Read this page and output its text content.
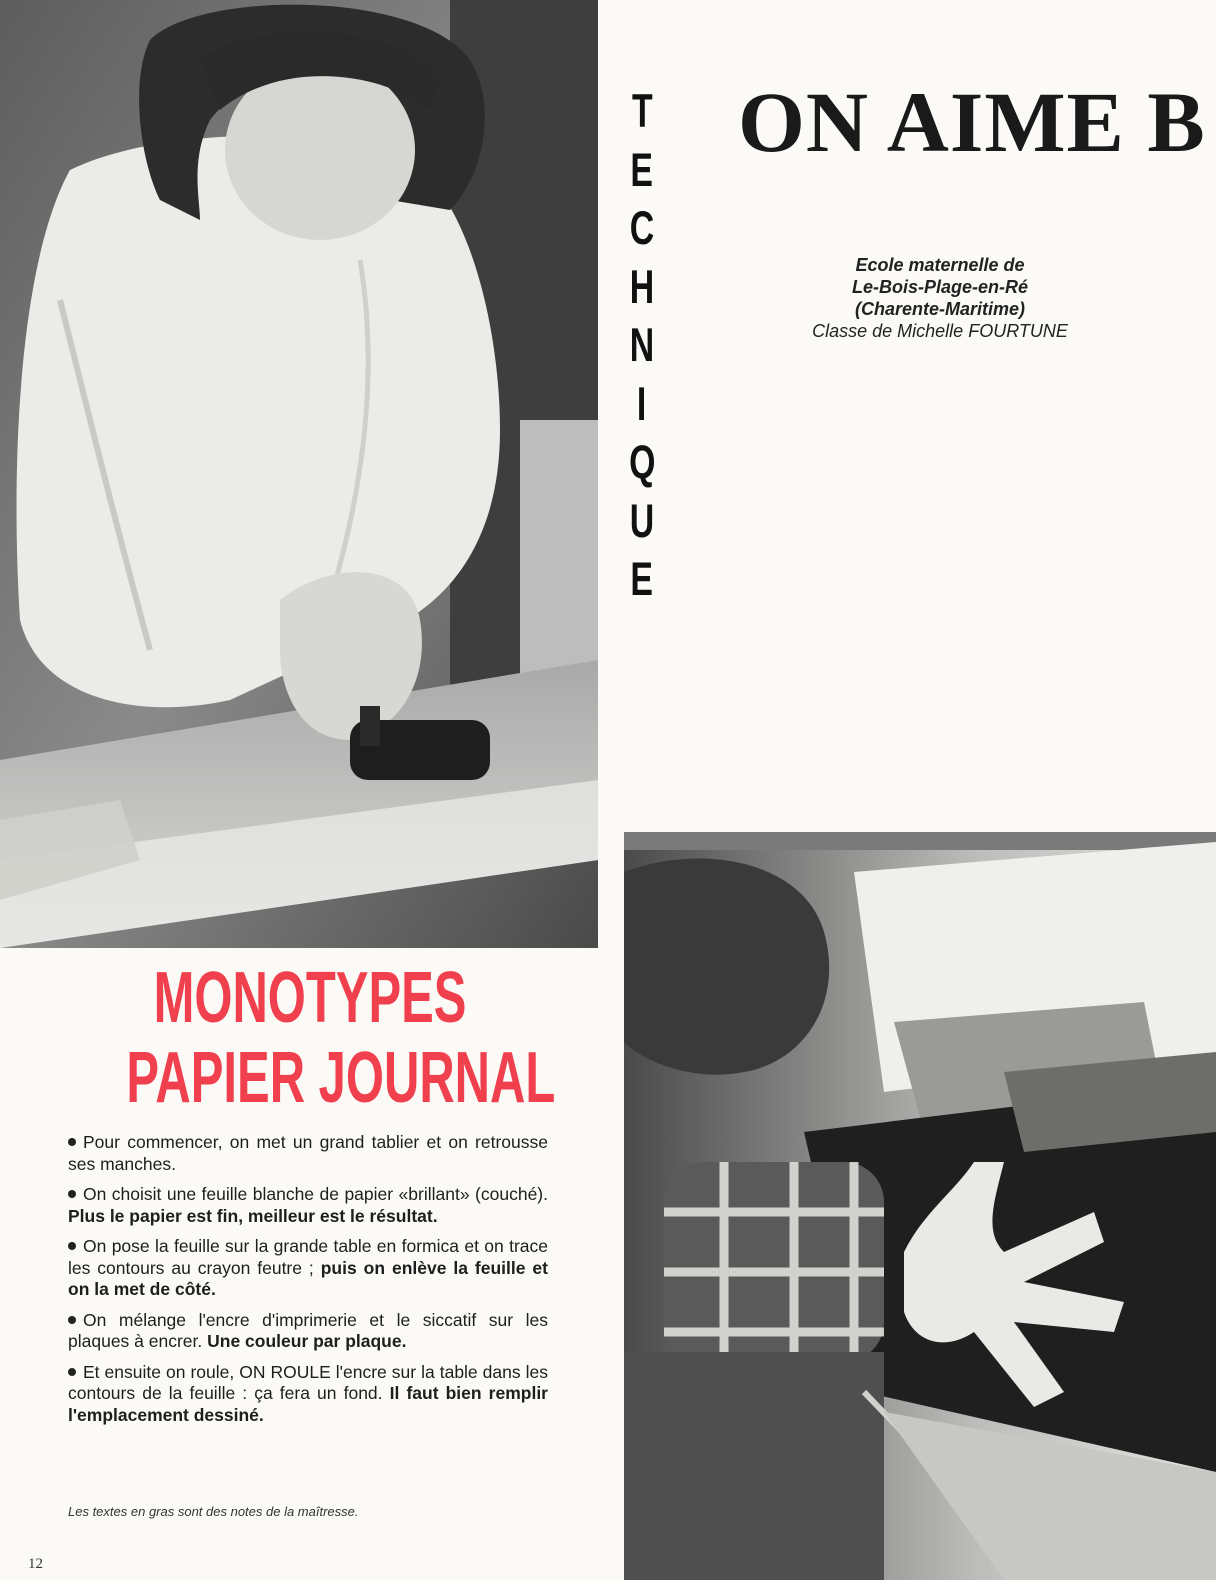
T
E
C
H
N
I
Q
U
E
ON AIME B
Ecole maternelle de
Le-Bois-Plage-en-Ré
(Charente-Maritime)
Classe de Michelle FOURTUNE
MONOTYPES
PAPIER JOURNAL
Pour commencer, on met un grand tablier et on retrousse ses manches.
On choisit une feuille blanche de papier «brillant» (couché). Plus le papier est fin, meilleur est le résultat.
On pose la feuille sur la grande table en formica et on trace les contours au crayon feutre ; puis on enlève la feuille et on la met de côté.
On mélange l'encre d'imprimerie et le siccatif sur les plaques à encrer. Une couleur par plaque.
Et ensuite on roule, ON ROULE l'encre sur la table dans les contours de la feuille : ça fera un fond. Il faut bien remplir l'emplacement dessiné.
Les textes en gras sont des notes de la maîtresse.
12
